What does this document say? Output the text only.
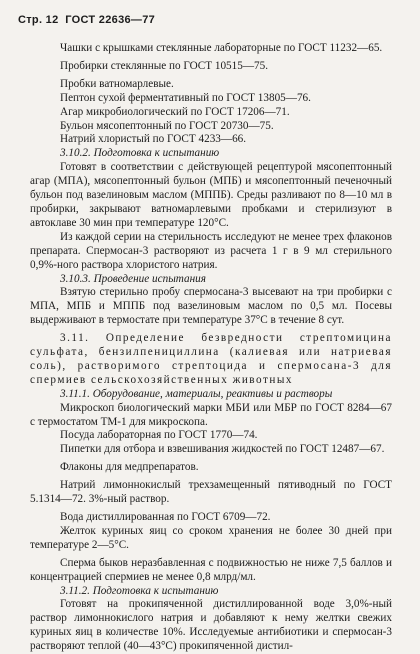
Стр. 12 ГОСТ 22636—77

Чашки с крышками стеклянные лабораторные по ГОСТ 11232—65.

Пробирки стеклянные по ГОСТ 10515—75.

Пробки ватномарлевые.

Пептон сухой ферментативный по ГОСТ 13805—76.

Агар микробиологический по ГОСТ 17206—71.

Бульон мясопептонный по ГОСТ 20730—75.

Натрий хлористый по ГОСТ 4233—66.

3.10.2. Подготовка к испытанию

Готовят в соответствии с действующей рецептурой мясопептонный агар (МПА), мясопептонный бульон (МПБ) и мясопептонный печеночный бульон под вазелиновым маслом (МППБ). Среды разливают по 8—10 мл в пробирки, закрывают ватномарлевыми пробками и стерилизуют в автоклаве 30 мин при температуре 120°С.

Из каждой серии на стерильность исследуют не менее трех флаконов препарата. Спермосан-3 растворяют из расчета 1 г в 9 мл стерильного 0,9%-ного раствора хлористого натрия.

3.10.3. Проведение испытания

Взятую стерильно пробу спермосана-3 высевают на три пробирки с МПА, МПБ и МППБ под вазелиновым маслом по 0,5 мл. Посевы выдерживают в термостате при температуре 37°С в течение 8 сут.

3.11. Определение безвредности стрептомицина сульфата, бензилпенициллина (калиевая или натриевая соль), растворимого стрептоцида и спермосана-3 для спермиев сельскохозяйственных животных

3.11.1. Оборудование, материалы, реактивы и растворы

Микроскоп биологический марки МБИ или МБР по ГОСТ 8284—67 с термостатом ТМ-1 для микроскопа.

Посуда лабораторная по ГОСТ 1770—74.

Пипетки для отбора и взвешивания жидкостей по ГОСТ 12487—67.

Флаконы для медпрепаратов.

Натрий лимоннокислый трехзамещенный пятиводный по ГОСТ 5.1314—72. 3%-ный раствор.

Вода дистиллированная по ГОСТ 6709—72.

Желток куриных яиц со сроком хранения не более 30 дней при температуре 2—5°С.

Сперма быков неразбавленная с подвижностью не ниже 7,5 баллов и концентрацией спермиев не менее 0,8 млрд/мл.

3.11.2. Подготовка к испытанию

Готовят на прокипяченной дистиллированной воде 3,0%-ный раствор лимоннокислого натрия и добавляют к нему желтки свежих куриных яиц в количестве 10%. Исследуемые антибиотики и спермосан-3 растворяют теплой (40—43°С) прокипяченной дистил-
